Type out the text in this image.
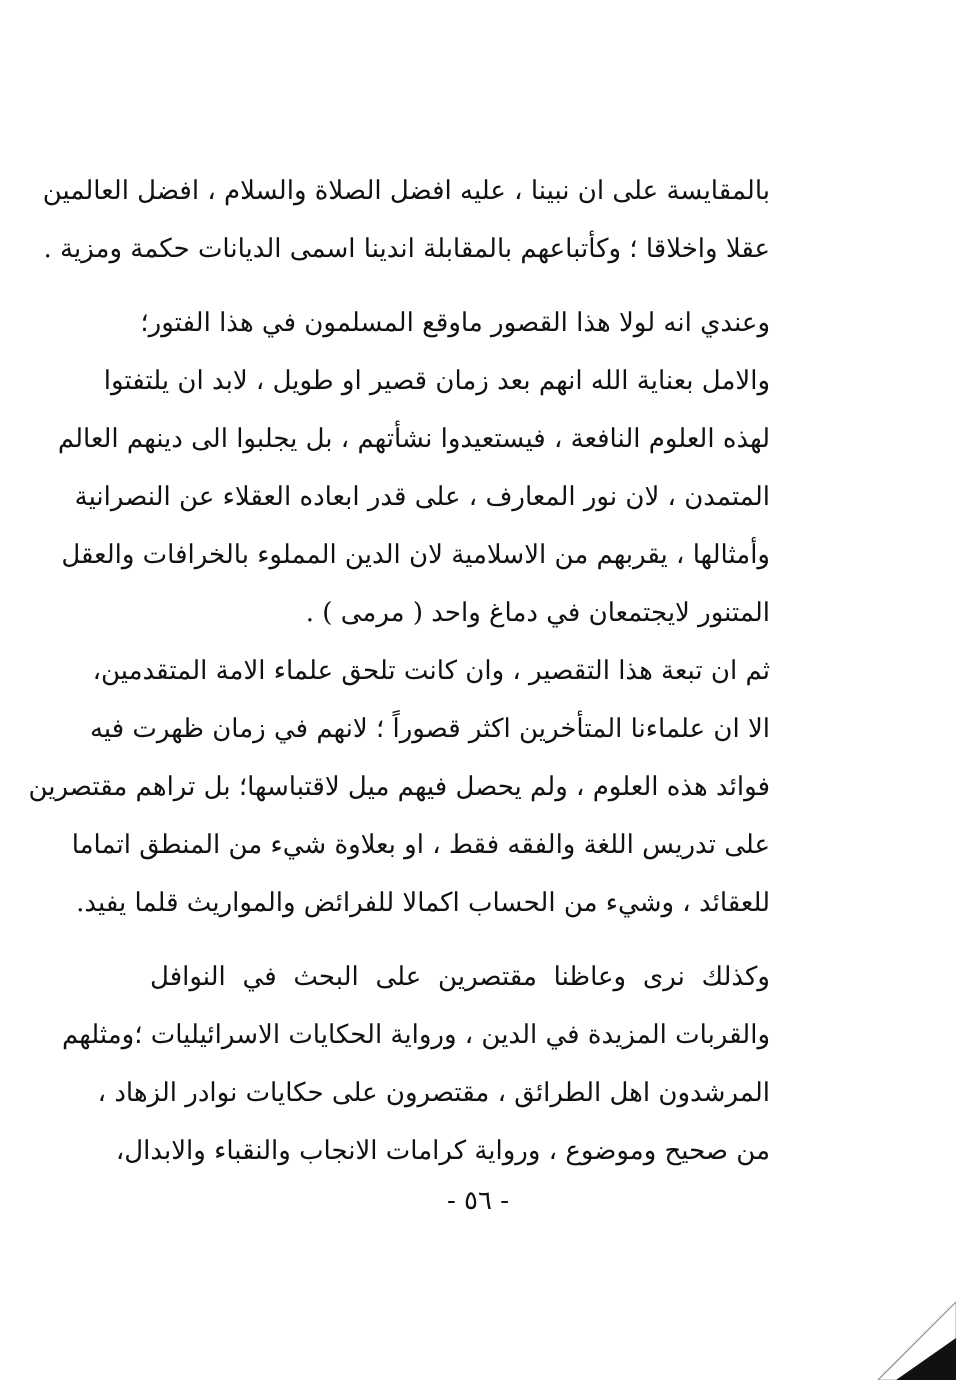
بالمقايسة على ان نبينا ، عليه افضل الصلاة والسلام ، افضل العالمين
عقلا واخلاقا ؛ وكأتباعهم بالمقابلة اندينا اسمى الديانات حكمة ومزية .
وعندي انه لولا هذا القصور ماوقع المسلمون في هذا الفتور؛
والامل بعناية الله انهم بعد زمان قصير او طويل ، لابد ان يلتفتوا
لهذه العلوم النافعة ، فيستعيدوا نشأتهم ، بل يجلبوا الى دينهم العالم
المتمدن ، لان نور المعارف ، على قدر ابعاده العقلاء عن النصرانية
وأمثالها ، يقربهم من الاسلامية لان الدين المملوء بالخرافات والعقل
المتنور لايجتمعان في دماغ واحد ( مرمى ) .
ثم ان تبعة هذا التقصير ، وان كانت تلحق علماء الامة المتقدمين،
الا ان علماءنا المتأخرين اكثر قصوراً ؛ لانهم في زمان ظهرت فيه
فوائد هذه العلوم ، ولم يحصل فيهم ميل لاقتباسها؛ بل تراهم مقتصرين
على تدريس اللغة والفقه فقط ، او بعلاوة شيء من المنطق اتماما
للعقائد ، وشيء من الحساب اكمالا للفرائض والمواريث قلما يفيد.
وكذلك نرى وعاظنا مقتصرين على البحث في النوافل
والقربات المزيدة في الدين ، ورواية الحكايات الاسرائيليات ؛ومثلهم
المرشدون اهل الطرائق ، مقتصرون على حكايات نوادر الزهاد ،
من صحيح وموضوع ، ورواية كرامات الانجاب والنقباء والابدال،
- ٥٦ -
